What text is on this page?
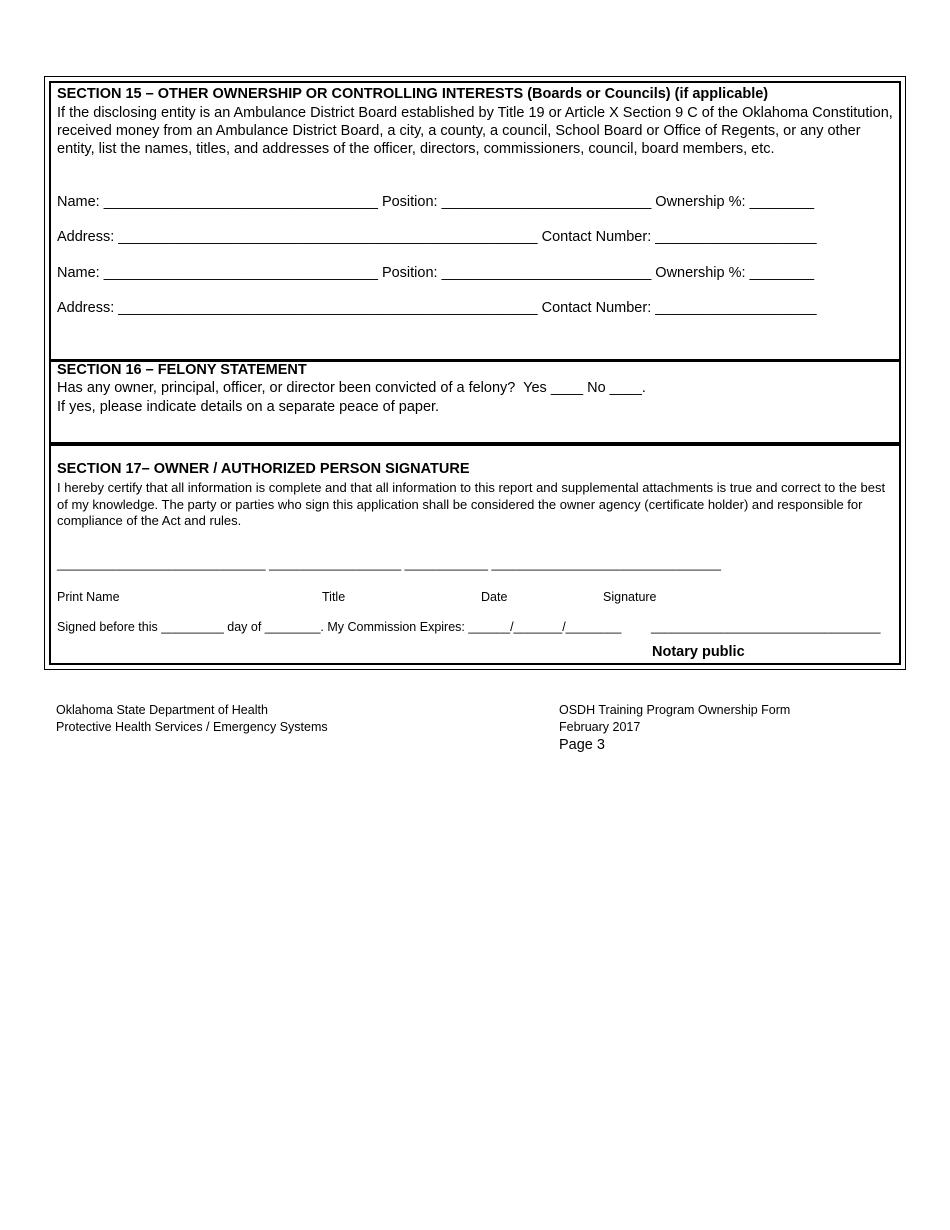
SECTION 15 – OTHER OWNERSHIP OR CONTROLLING INTERESTS (Boards or Councils) (if applicable)
If the disclosing entity is an Ambulance District Board established by Title 19 or Article X Section 9 C of the Oklahoma Constitution, received money from an Ambulance District Board, a city, a county, a council, School Board or Office of Regents, or any other entity, list the names, titles, and addresses of the officer, directors, commissioners, council, board members, etc.
Name: __________________________________ Position: __________________________ Ownership %: ________
Address: ____________________________________________________ Contact Number: ____________________
Name: __________________________________ Position: __________________________ Ownership %: ________
Address: ____________________________________________________ Contact Number: ____________________
SECTION 16 – FELONY STATEMENT
Has any owner, principal, officer, or director been convicted of a felony?  Yes ____ No ____.
If yes, please indicate details on a separate peace of paper.
SECTION 17– OWNER / AUTHORIZED PERSON SIGNATURE
I hereby certify that all information is complete and that all information to this report and supplemental attachments is true and correct to the best of my knowledge. The party or parties who sign this application shall be considered the owner agency (certificate holder) and responsible for compliance of the Act and rules.
______________________________ ___________________ ____________ _________________________________
Print Name	Title	Date	Signature
Signed before this _________ day of ________. My Commission Expires: ______/_______/________ _________________________________
Notary public
Oklahoma State Department of Health
Protective Health Services / Emergency Systems
OSDH Training Program Ownership Form
February 2017
Page 3
